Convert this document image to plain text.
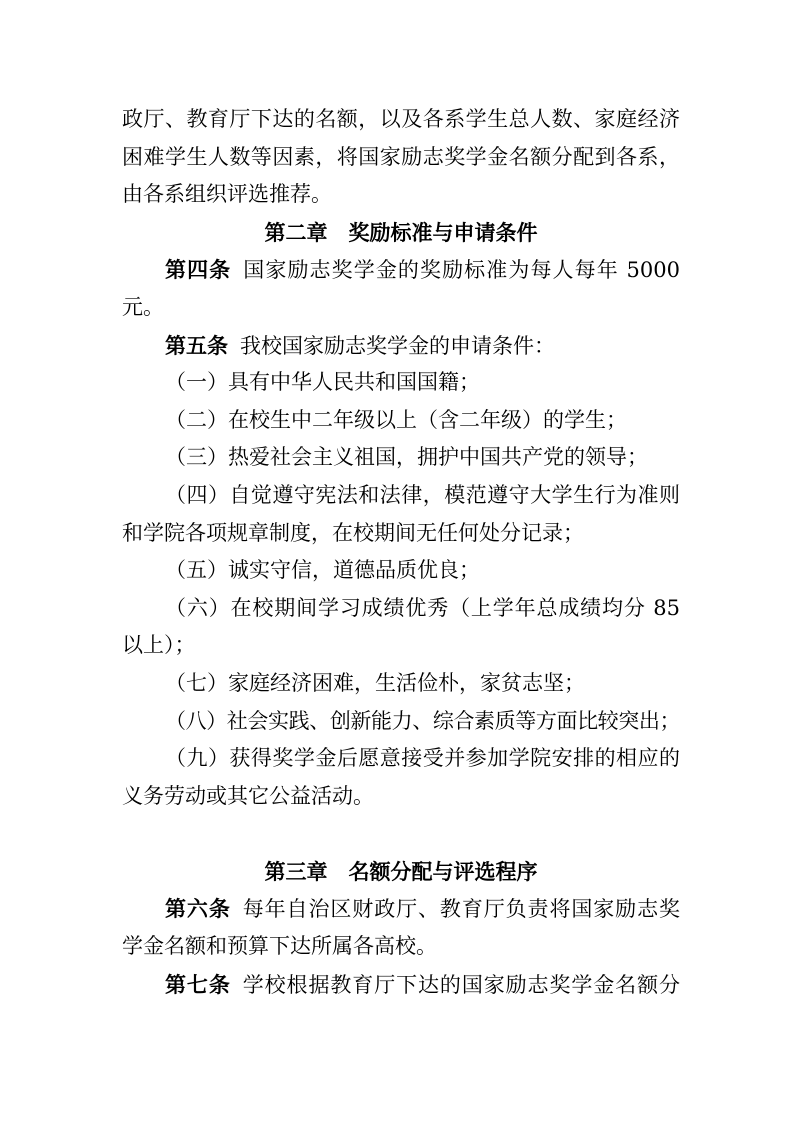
政厅、教育厅下达的名额，以及各系学生总人数、家庭经济
困难学生人数等因素，将国家励志奖学金名额分配到各系，
由各系组织评选推荐。
第二章 奖励标准与申请条件
第四条 国家励志奖学金的奖励标准为每人每年 5000
元。
第五条 我校国家励志奖学金的申请条件：
（一）具有中华人民共和国国籍；
（二）在校生中二年级以上（含二年级）的学生；
（三）热爱社会主义祖国，拥护中国共产党的领导；
（四）自觉遵守宪法和法律，模范遵守大学生行为准则
和学院各项规章制度，在校期间无任何处分记录；
（五）诚实守信，道德品质优良；
（六）在校期间学习成绩优秀（上学年总成绩均分 85
以上）；
（七）家庭经济困难，生活俭朴，家贫志坚；
（八）社会实践、创新能力、综合素质等方面比较突出；
（九）获得奖学金后愿意接受并参加学院安排的相应的
义务劳动或其它公益活动。
第三章 名额分配与评选程序
第六条 每年自治区财政厅、教育厅负责将国家励志奖
学金名额和预算下达所属各高校。
第七条 学校根据教育厅下达的国家励志奖学金名额分
